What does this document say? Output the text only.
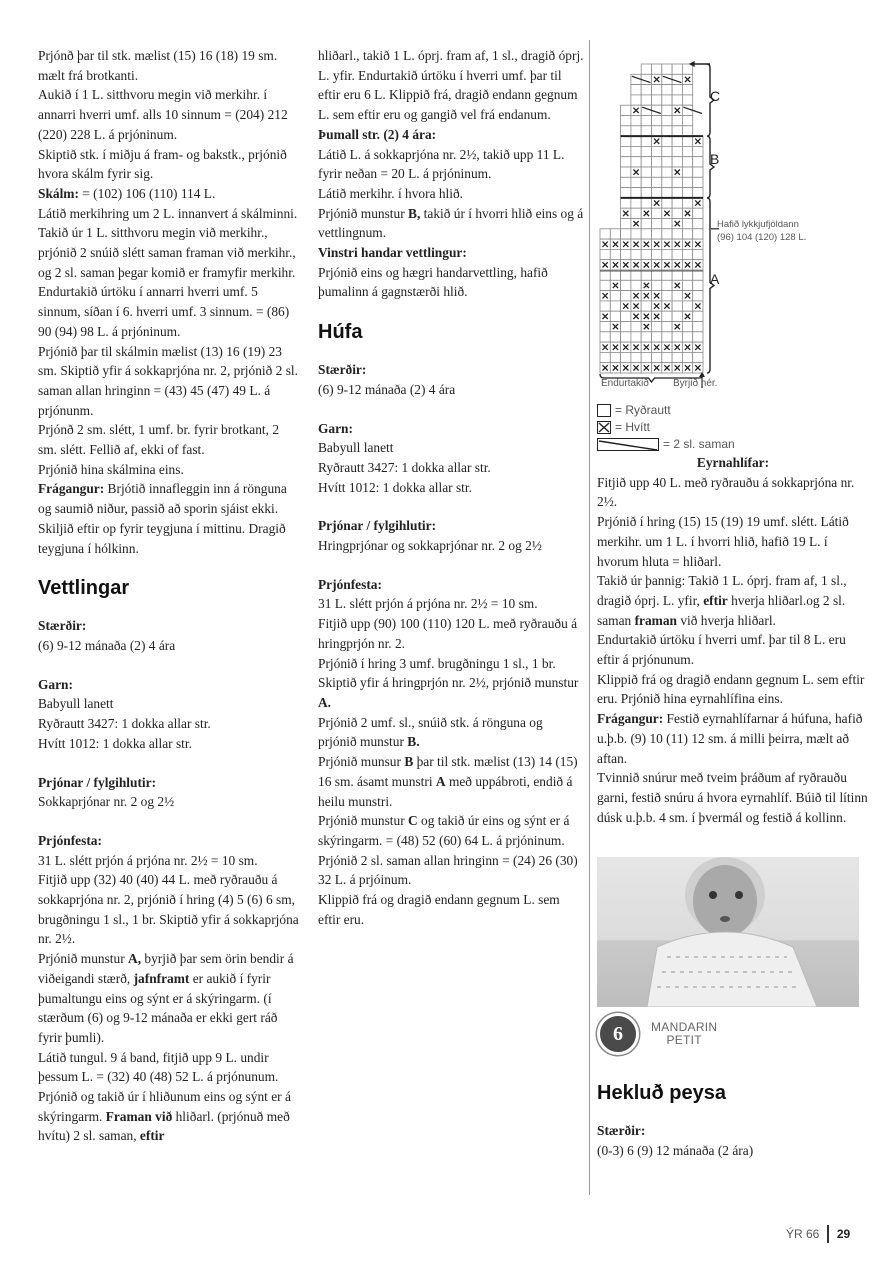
Prjónð þar til stk. mælist (15) 16 (18) 19 sm. mælt frá brotkanti.

Aukið í 1 L. sitthvoru megin við merkihr. í annarri hverri umf. alls 10 sinnum = (204) 212 (220) 228 L. á prjóninum.

Skiptið stk. í miðju á fram- og bakstk., prjónið hvora skálm fyrir sig.

Skálm: = (102) 106 (110) 114 L.

Látið merkihring um 2 L. innanvert á skálminni. Takið úr 1 L. sitthvoru megin við merkihr., prjónið 2 snúið slétt saman framan við merkihr., og 2 sl. saman þegar komið er framyfir merkihr. Endurtakið úrtöku í annarri hverri umf. 5 sinnum, síðan í 6. hverri umf. 3 sinnum. = (86) 90 (94) 98 L. á prjóninum.

Prjónið þar til skálmin mælist (13) 16 (19) 23 sm. Skiptið yfir á sokkaprjóna nr. 2, prjónið 2 sl. saman allan hringinn = (43) 45 (47) 49 L. á prjónunm.

Prjónð 2 sm. slétt, 1 umf. br. fyrir brotkant, 2 sm. slétt. Fellið af, ekki of fast.

Prjónið hina skálmina eins.

Frágangur: Brjótið innafleggin inn á rönguna og saumið niður, passið að sporin sjáist ekki. Skiljið eftir op fyrir teygjuna í mittinu. Dragið teygjuna í hólkinn.

Vettlingar

Stærðir:

(6) 9-12 mánaða (2) 4 ára

Garn:

Babyull lanett

Ryðrautt 3427: 1 dokka allar str.

Hvítt 1012: 1 dokka allar str.

Prjónar / fylgihlutir:

Sokkaprjónar nr. 2 og 2½

Prjónfesta:

31 L. slétt prjón á prjóna nr. 2½ = 10 sm.

Fitjið upp (32) 40 (40) 44 L. með ryðrauðu á sokkaprjóna nr. 2, prjónið í hring (4) 5 (6) 6 sm, brugðningu 1 sl., 1 br. Skiptið yfir á sokkaprjóna nr. 2½.

Prjónið munstur A, byrjið þar sem örin bendir á viðeigandi stærð, jafnframt er aukið í fyrir þumaltungu eins og sýnt er á skýringarm. (í stærðum (6) og 9-12 mánaða er ekki gert ráð fyrir þumli).

Látið tungul. 9 á band, fitjið upp 9 L. undir þessum L. = (32) 40 (48) 52 L. á prjónunum.

Prjónið og takið úr í hliðunum eins og sýnt er á skýringarm. Framan við hliðarl. (prjónuð með hvítu) 2 sl. saman, eftir

hliðarl., takið 1 L. óprj. fram af, 1 sl., dragið óprj. L. yfir. Endurtakið úrtöku í hverri umf. þar til eftir eru 6 L. Klippið frá, dragið endann gegnum L. sem eftir eru og gangið vel frá endanum.

Þumall str. (2) 4 ára:

Látið L. á sokkaprjóna nr. 2½, takið upp 11 L. fyrir neðan = 20 L. á prjóninum.

Látið merkihr. í hvora hlið.

Prjónið munstur B, takið úr í hvorri hlið eins og á vettlingnum.

Vinstri handar vettlingur:

Prjónið eins og hægri handarvettling, hafið þumalinn á gagnstærði hlið.

Húfa

Stærðir:

(6) 9-12 mánaða (2) 4 ára

Garn:

Babyull lanett

Ryðrautt 3427: 1 dokka allar str.

Hvítt 1012: 1 dokka allar str.

Prjónar / fylgihlutir:

Hringprjónar og sokkaprjónar nr. 2 og 2½

Prjónfesta:

31 L. slétt prjón á prjóna nr. 2½ = 10 sm.

Fitjið upp (90) 100 (110) 120 L. með ryðrauðu á hringprjón nr. 2.

Prjónið í hring 3 umf. brugðningu 1 sl., 1 br. Skiptið yfir á hringprjón nr. 2½, prjónið munstur A.

Prjónið 2 umf. sl., snúið stk. á rönguna og prjónið munstur B.

Prjónið munsur B þar til stk. mælist (13) 14 (15) 16 sm. ásamt munstri A með uppábroti, endið á heilu munstri.

Prjónið munstur C og takið úr eins og sýnt er á skýringarm. = (48) 52 (60) 64 L. á prjóninum.

Prjónið 2 sl. saman allan hringinn = (24) 26 (30) 32 L. á prjóinum.

Klippið frá og dragið endann gegnum L. sem eftir eru.

C
B
A
Hafið lykkjufjöldann
(96) 104 (120) 128 L.
Endurtakið Byrjið hér.
= Ryðrautt
= Hvítt
= 2 sl. saman

Eyrnahlífar:

Fitjið upp 40 L. með ryðrauðu á sokkaprjóna nr. 2½.

Prjónið í hring (15) 15 (19) 19 umf. slétt. Látið merkihr. um 1 L. í hvorri hlið, hafið 19 L. í hvorum hluta = hliðarl.

Takið úr þannig: Takið 1 L. óprj. fram af, 1 sl., dragið óprj. L. yfir, eftir hverja hliðarl.og 2 sl. saman framan við hverja hliðarl.

Endurtakið úrtöku í hverri umf. þar til 8 L. eru eftir á prjónunum.

Klippið frá og dragið endann gegnum L. sem eftir eru. Prjónið hina eyrnahlífina eins.

Frágangur: Festið eyrnahlífarnar á húfuna, hafið u.þ.b. (9) 10 (11) 12 sm. á milli þeirra, mælt að aftan.

Tvinnið snúrur með tveim þráðum af ryðrauðu garni, festið snúru á hvora eyrnahlíf. Búið til lítinn dúsk u.þ.b. 4 sm. í þvermál og festið á kollinn.

6	MANDARIN
PETIT
Hekluð peysa

Stærðir:

(0-3) 6 (9) 12 mánaða (2 ára)

ÝR 66 29
